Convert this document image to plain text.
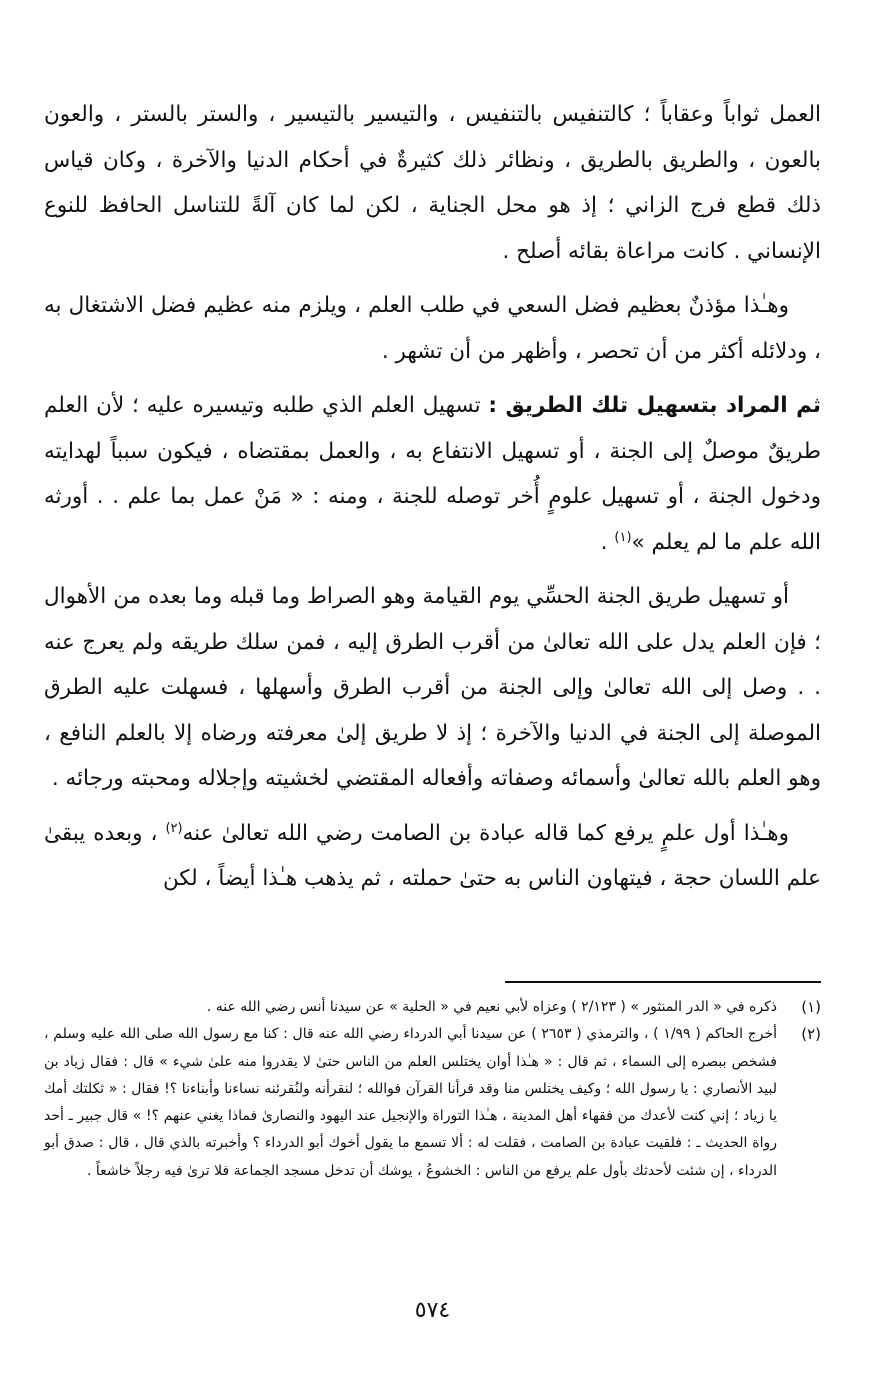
العمل ثواباً وعقاباً ؛ كالتنفيس بالتنفيس ، والتيسير بالتيسير ، والستر بالستر ، والعون بالعون ، والطريق بالطريق ، ونظائر ذلك كثيرةٌ في أحكام الدنيا والآخرة ، وكان قياس ذلك قطع فرج الزاني ؛ إذ هو محل الجناية ، لكن لما كان آلةً للتناسل الحافظ للنوع الإنساني . كانت مراعاة بقائه أصلح .

وهـٰذا مؤذنٌ بعظيم فضل السعي في طلب العلم ، ويلزم منه عظيم فضل الاشتغال به ، ودلائله أكثر من أن تحصر ، وأظهر من أن تشهر .

ثم المراد بتسهيل تلك الطريق : تسهيل العلم الذي طلبه وتيسيره عليه ؛ لأن العلم طريقٌ موصلٌ إلى الجنة ، أو تسهيل الانتفاع به ، والعمل بمقتضاه ، فيكون سبباً لهدايته ودخول الجنة ، أو تسهيل علومٍ أُخر توصله للجنة ، ومنه : « مَنْ عمل بما علم . . أورثه الله علم ما لم يعلم »$^{(١)}$ .

أو تسهيل طريق الجنة الحسِّي يوم القيامة وهو الصراط وما قبله وما بعده من الأهوال ؛ فإن العلم يدل على الله تعالىٰ من أقرب الطرق إليه ، فمن سلك طريقه ولم يعرج عنه . . وصل إلى الله تعالىٰ وإلى الجنة من أقرب الطرق وأسهلها ، فسهلت عليه الطرق الموصلة إلى الجنة في الدنيا والآخرة ؛ إذ لا طريق إلىٰ معرفته ورضاه إلا بالعلم النافع ، وهو العلم بالله تعالىٰ وأسمائه وصفاته وأفعاله المقتضي لخشيته وإجلاله ومحبته ورجائه .

وهـٰذا أول علمٍ يرفع كما قاله عبادة بن الصامت رضي الله تعالىٰ عنه$^{(٢)}$ ، وبعده يبقىٰ علم اللسان حجة ، فيتهاون الناس به حتىٰ حملته ، ثم يذهب هـٰذا أيضاً ، لكن

(١)
ذكره في « الدر المنثور » ( ٢/١٢٣ ) وعزاه لأبي نعيم في « الحلية » عن سيدنا أنس رضي الله عنه .
(٢)
أخرج الحاكم ( ١/٩٩ ) ، والترمذي ( ٢٦٥٣ ) عن سيدنا أبي الدرداء رضي الله عنه قال : كنا مع رسول الله صلى الله عليه وسلم ، فشخص ببصره إلى السماء ، ثم قال : « هـٰذا أوان يختلس العلم من الناس حتىٰ لا يقدروا منه علىٰ شيء » قال : فقال زياد بن لبيد الأنصاري : يا رسول الله ؛ وكيف يختلس منا وقد قرأنا القرآن فوالله ؛ لنقرأنه ولنُقرئنه نساءنا وأبناءنا ؟! فقال : « ثكلتك أمك يا زياد ؛ إني كنت لأعدك من فقهاء أهل المدينة ، هـٰذا التوراة والإنجيل عند اليهود والنصارىٰ فماذا يغني عنهم ؟! » قال جبير ـ أحد رواة الحديث ـ : فلقيت عبادة بن الصامت ، فقلت له : ألا تسمع ما يقول أخوك أبو الدرداء ؟ وأخبرته بالذي قال ، قال : صدق أبو الدرداء ، إن شئت لأحدثك بأول علم يرفع من الناس : الخشوعُ ، يوشك أن تدخل مسجد الجماعة فلا ترىٰ فيه رجلاً خاشعاً .
٥٧٤
